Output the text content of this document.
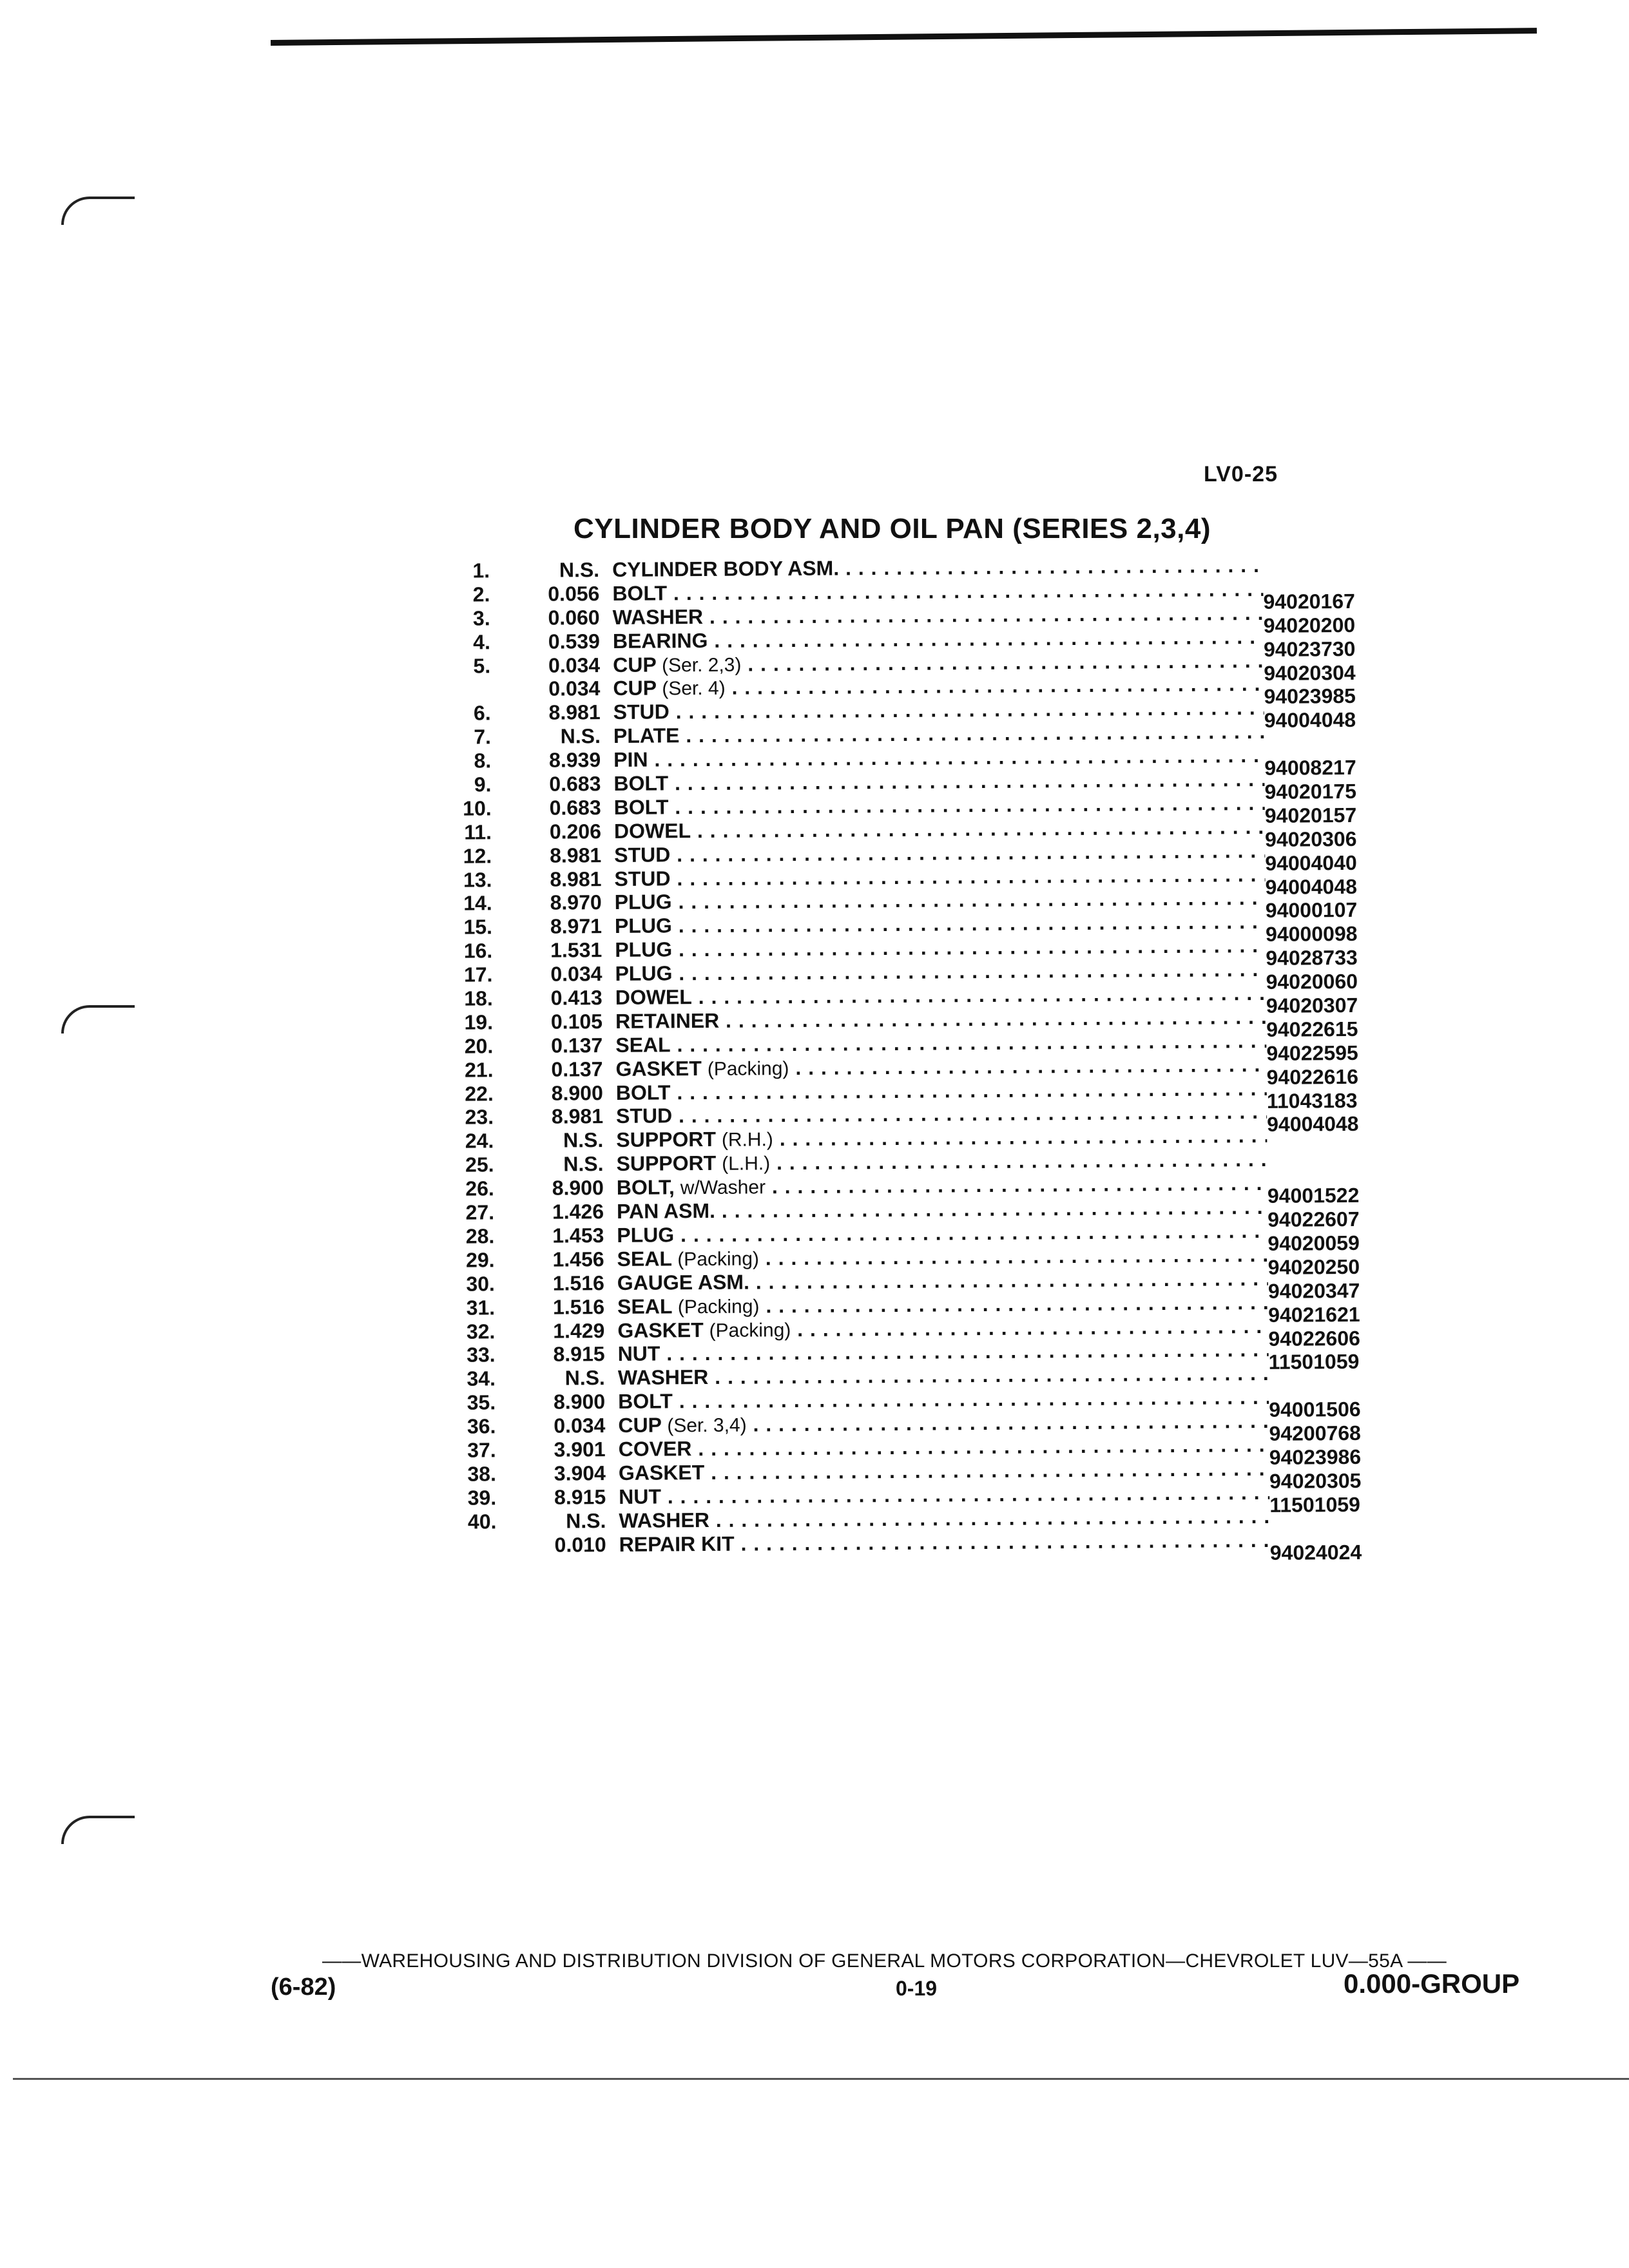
LV0-25
CYLINDER BODY AND OIL PAN (SERIES 2,3,4)
1.	N.S. CYLINDER BODY ASM. . . .
2.	0.056 BOLT . . .	94020167
3.	0.060 WASHER . . .	94020200
4.	0.539 BEARING . . .	94023730
5.	0.034 CUP (Ser. 2,3) . . .	94020304
0.034 CUP (Ser. 4) . . .	94023985
6.	8.981 STUD . . .	94004048
7.	N.S. PLATE . . .
8.	8.939 PIN . . .	94008217
9.	0.683 BOLT . . .	94020175
10.	0.683 BOLT . . .	94020157
11.	0.206 DOWEL . . .	94020306
12.	8.981 STUD . . .	94004040
13.	8.981 STUD . . .	94004048
14.	8.970 PLUG . . .	94000107
15.	8.971 PLUG . . .	94000098
16.	1.531 PLUG . . .	94028733
17.	0.034 PLUG . . .	94020060
18.	0.413 DOWEL . . .	94020307
19.	0.105 RETAINER . . .	94022615
20.	0.137 SEAL . . .	94022595
21.	0.137 GASKET (Packing) . . .	94022616
22.	8.900 BOLT . . .	11043183
23.	8.981 STUD . . .	94004048
24.	N.S. SUPPORT (R.H.) . . .
25.	N.S. SUPPORT (L.H.) . . .
26.	8.900 BOLT, w/Washer . . .	94001522
27.	1.426 PAN ASM. . . .	94022607
28.	1.453 PLUG . . .	94020059
29.	1.456 SEAL (Packing) . . .	94020250
30.	1.516 GAUGE ASM. . . .	94020347
31.	1.516 SEAL (Packing) . . .	94021621
32.	1.429 GASKET (Packing) . . .	94022606
33.	8.915 NUT . . .	11501059
34.	N.S. WASHER . . .
35.	8.900 BOLT . . .	94001506
36.	0.034 CUP (Ser. 3,4) . . .	94200768
37.	3.901 COVER . . .	94023986
38.	3.904 GASKET . . .	94020305
39.	8.915 NUT . . .	11501059
40.	N.S. WASHER . . .
0.010 REPAIR KIT . . .	94024024
——WAREHOUSING AND DISTRIBUTION DIVISION OF GENERAL MOTORS CORPORATION—CHEVROLET LUV—55A ——
(6-82)	0-19	0.000-GROUP
